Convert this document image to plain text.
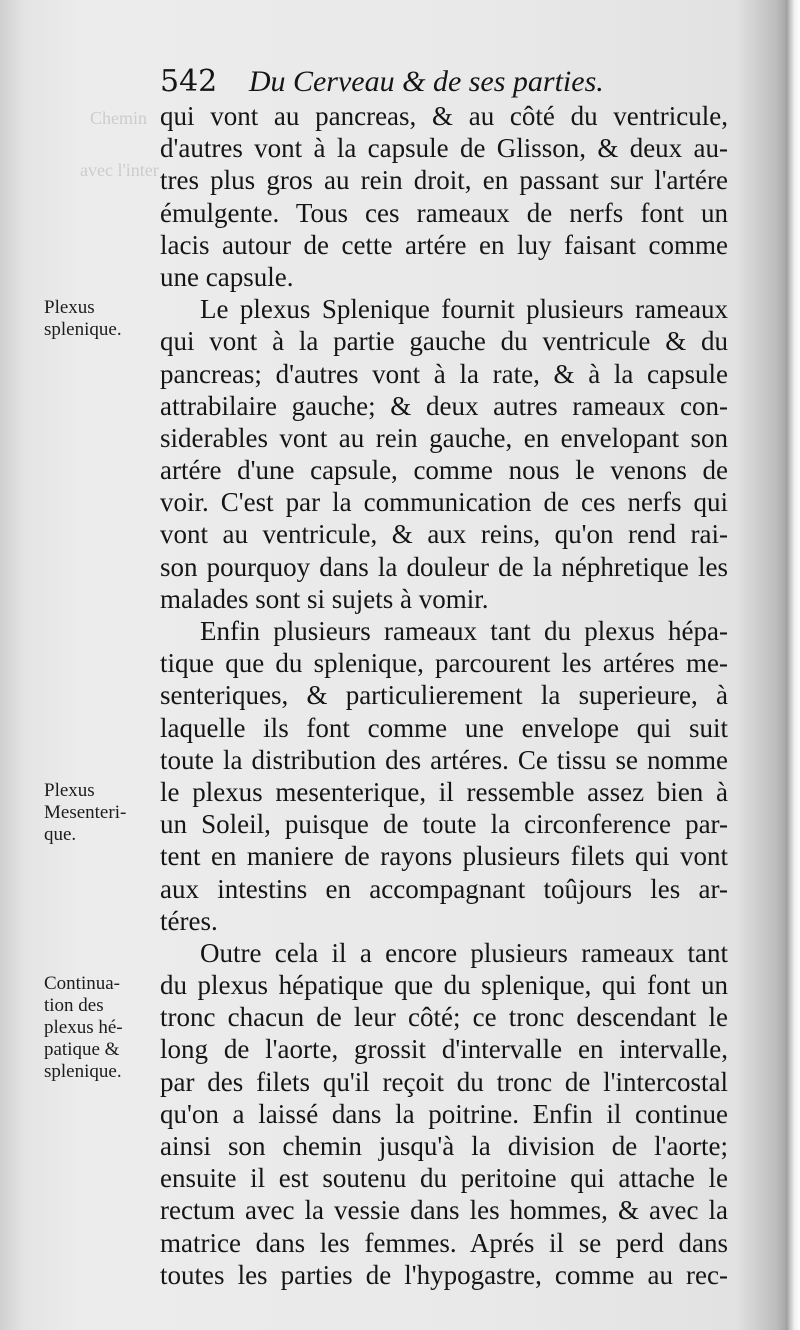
Chemin
avec l'inter
542 Du Cerveau & de ses parties.
qui vont au pancreas, & au côté du ventricule,
d'autres vont à la capsule de Glisson, & deux au-
tres plus gros au rein droit, en passant sur l'artére
émulgente. Tous ces rameaux de nerfs font un
lacis autour de cette artére en luy faisant comme
une capsule.
Le plexus Splenique fournit plusieurs rameaux
qui vont à la partie gauche du ventricule & du
pancreas; d'autres vont à la rate, & à la capsule
attrabilaire gauche; & deux autres rameaux con-
siderables vont au rein gauche, en envelopant son
artére d'une capsule, comme nous le venons de
voir. C'est par la communication de ces nerfs qui
vont au ventricule, & aux reins, qu'on rend rai-
son pourquoy dans la douleur de la néphretique les
malades sont si sujets à vomir.
Enfin plusieurs rameaux tant du plexus hépa-
tique que du splenique, parcourent les artéres me-
senteriques, & particulierement la superieure, à
laquelle ils font comme une envelope qui suit
toute la distribution des artéres. Ce tissu se nomme
le plexus mesenterique, il ressemble assez bien à
un Soleil, puisque de toute la circonference par-
tent en maniere de rayons plusieurs filets qui vont
aux intestins en accompagnant toûjours les ar-
téres.
Outre cela il a encore plusieurs rameaux tant
du plexus hépatique que du splenique, qui font un
tronc chacun de leur côté; ce tronc descendant le
long de l'aorte, grossit d'intervalle en intervalle,
par des filets qu'il reçoit du tronc de l'intercostal
qu'on a laissé dans la poitrine. Enfin il continue
ainsi son chemin jusqu'à la division de l'aorte;
ensuite il est soutenu du peritoine qui attache le
rectum avec la vessie dans les hommes, & avec la
matrice dans les femmes. Aprés il se perd dans
toutes les parties de l'hypogastre, comme au rec-
Plexus
splenique.
Plexus
Mesenteri-
que.
Continua-
tion des
plexus hé-
patique &
splenique.
